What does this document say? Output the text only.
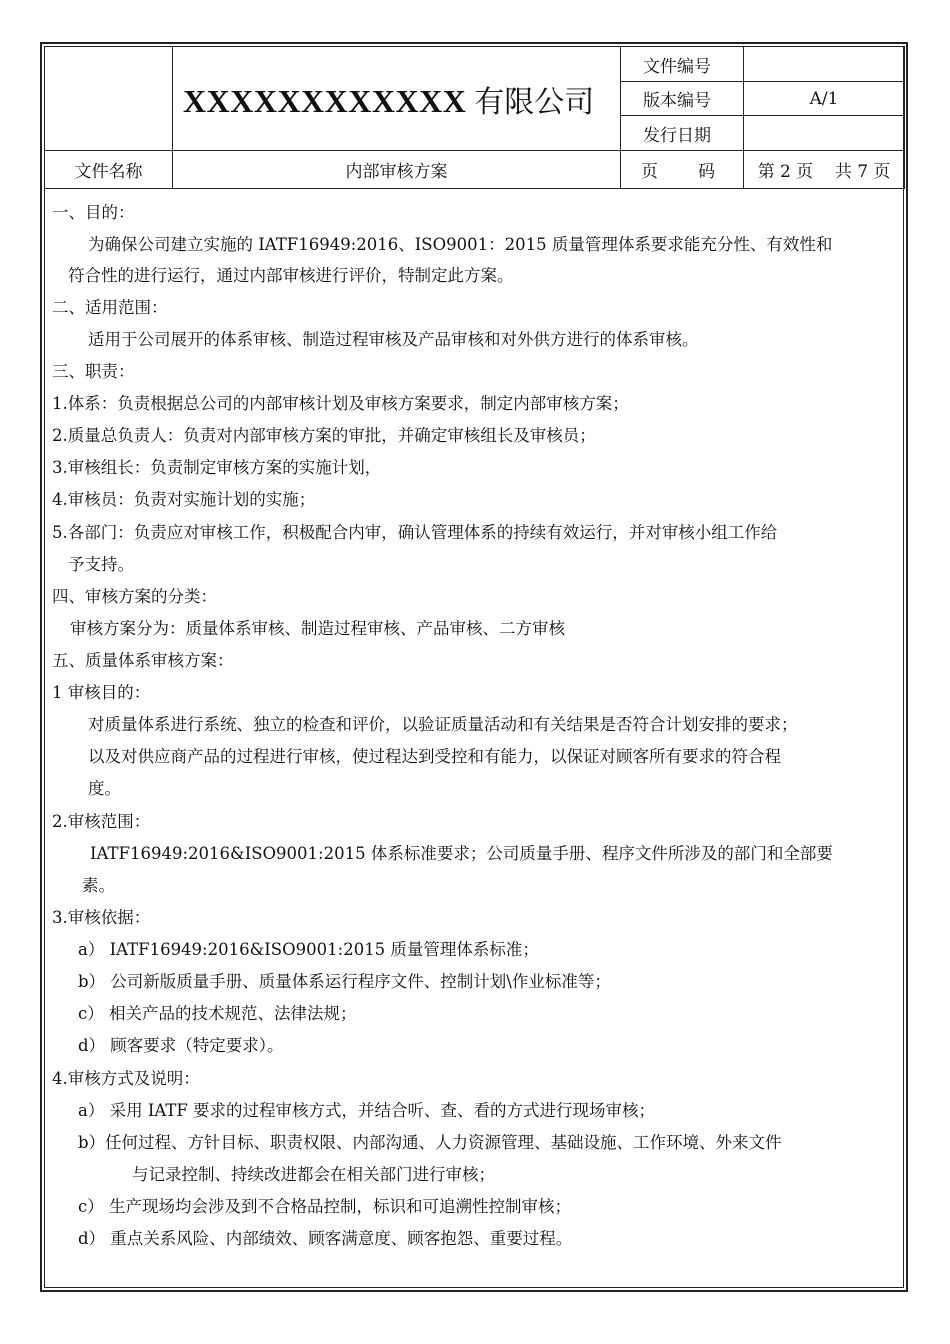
	XXXXXXXXXXXX 有限公司	文件编号	
		版本编号	A/1
		发行日期	
文件名称	内部审核方案	页 码	第 2 页    共 7 页
一、目的：
为确保公司建立实施的 IATF16949:2016、ISO9001：2015 质量管理体系要求能充分性、有效性和
符合性的进行运行，通过内部审核进行评价，特制定此方案。
二、适用范围：
适用于公司展开的体系审核、制造过程审核及产品审核和对外供方进行的体系审核。
三、职责：
1.体系：负责根据总公司的内部审核计划及审核方案要求，制定内部审核方案；
2.质量总负责人：负责对内部审核方案的审批，并确定审核组长及审核员；
3.审核组长：负责制定审核方案的实施计划，
4.审核员：负责对实施计划的实施；
5.各部门：负责应对审核工作，积极配合内审，确认管理体系的持续有效运行，并对审核小组工作给
予支持。
四、审核方案的分类：
审核方案分为：质量体系审核、制造过程审核、产品审核、二方审核
五、质量体系审核方案：
1 审核目的：
对质量体系进行系统、独立的检查和评价，以验证质量活动和有关结果是否符合计划安排的要求；
以及对供应商产品的过程进行审核，使过程达到受控和有能力，以保证对顾客所有要求的符合程
度。
2.审核范围：
IATF16949:2016&ISO9001:2015 体系标准要求；公司质量手册、程序文件所涉及的部门和全部要
素。
3.审核依据：
a） IATF16949:2016&ISO9001:2015 质量管理体系标准；
b） 公司新版质量手册、质量体系运行程序文件、控制计划\作业标准等；
c） 相关产品的技术规范、法律法规；
d） 顾客要求（特定要求）。
4.审核方式及说明：
a） 采用 IATF 要求的过程审核方式，并结合听、查、看的方式进行现场审核；
b）任何过程、方针目标、职责权限、内部沟通、人力资源管理、基础设施、工作环境、外来文件
与记录控制、持续改进都会在相关部门进行审核；
c） 生产现场均会涉及到不合格品控制，标识和可追溯性控制审核；
d） 重点关系风险、内部绩效、顾客满意度、顾客抱怨、重要过程。
